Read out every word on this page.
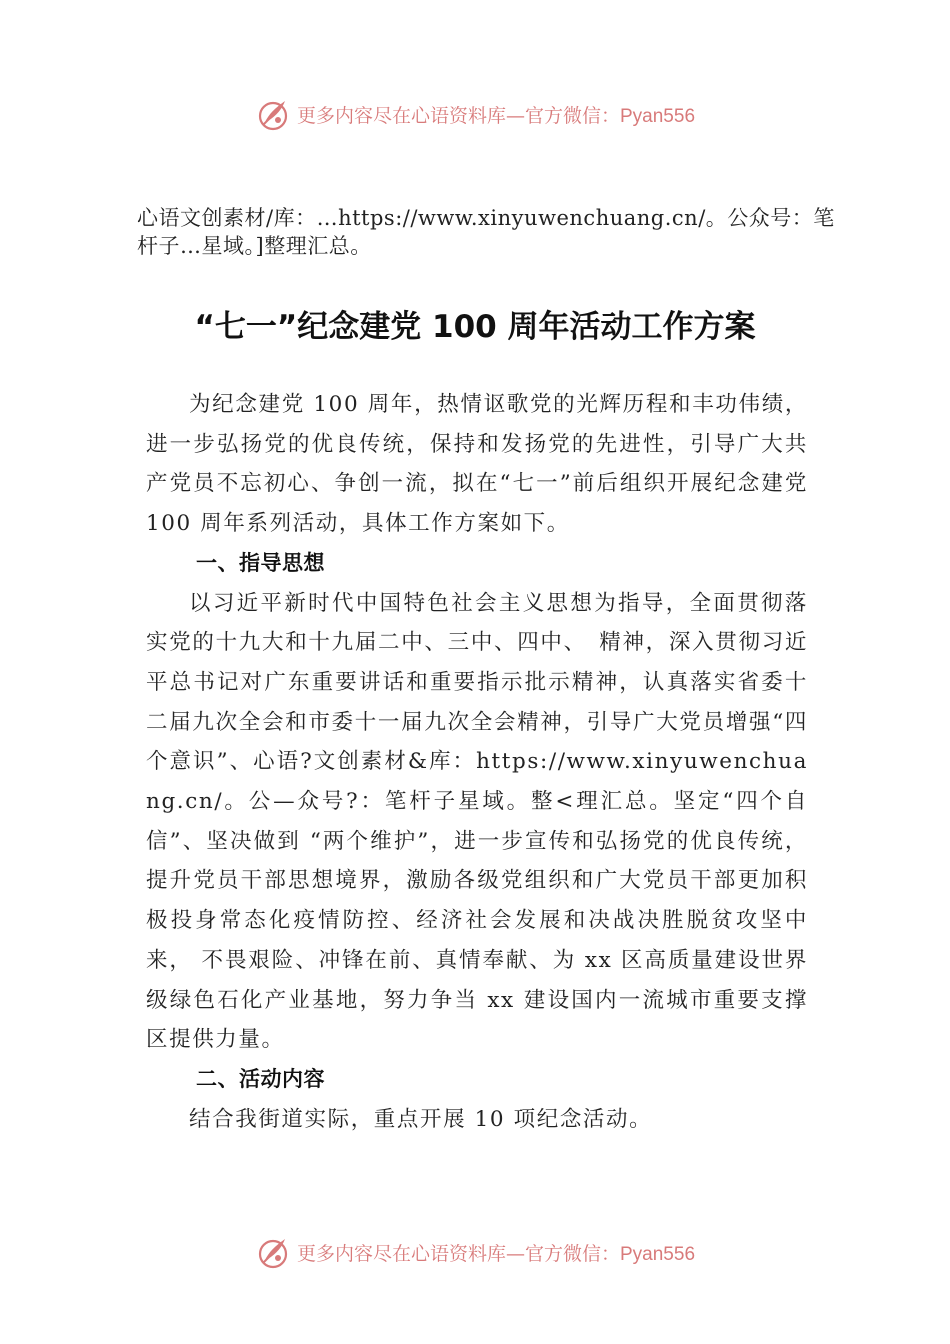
更多内容尽在心语资料库—官方微信：Pyan556
心语文创素材/库：…https://www.xinyuwenchuang.cn/。公众号：笔杆子…星域。]整理汇总。
“七一”纪念建党 100 周年活动工作方案

为纪念建党 100 周年，热情讴歌党的光辉历程和丰功伟绩，进一步弘扬党的优良传统，保持和发扬党的先进性，引导广大共产党员不忘初心、争创一流，拟在“七一”前后组织开展纪念建党 100 周年系列活动，具体工作方案如下。

一、指导思想

以习近平新时代中国特色社会主义思想为指导，全面贯彻落实党的十九大和十九届二中、三中、四中、　精神，深入贯彻习近平总书记对广东重要讲话和重要指示批示精神，认真落实省委十二届九次全会和市委十一届九次全会精神，引导广大党员增强“四个意识”、心语?文创素材&库：https://www.xinyuwenchuang.cn/。公—众号?：笔杆子星域。整<理汇总。坚定“四个自信”、坚决做到 “两个维护”，进一步宣传和弘扬党的优良传统，提升党员干部思想境界，激励各级党组织和广大党员干部更加积极投身常态化疫情防控、经济社会发展和决战决胜脱贫攻坚中来， 不畏艰险、冲锋在前、真情奉献、为 xx 区高质量建设世界级绿色石化产业基地，努力争当 xx 建设国内一流城市重要支撑区提供力量。

二、活动内容

结合我街道实际，重点开展 10 项纪念活动。

更多内容尽在心语资料库—官方微信：Pyan556
